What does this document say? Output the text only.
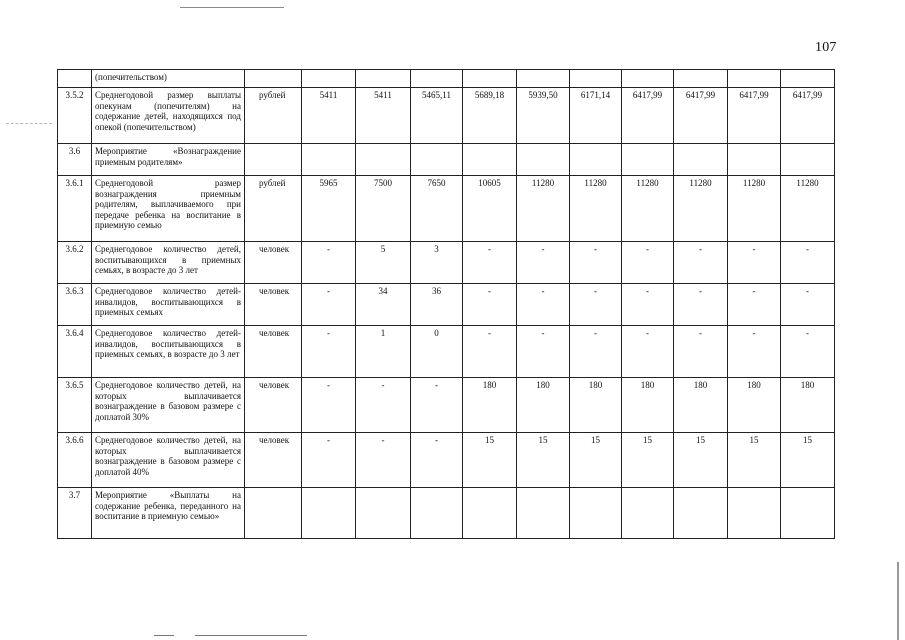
107
	(попечительством)											
3.5.2	Среднегодовой размер выплаты опекунам (попечителям) на содержание детей, находящихся под опекой (попечительством)	рублей	5411	5411	5465,11	5689,18	5939,50	6171,14	6417,99	6417,99	6417,99	6417,99
3.6	Мероприятие «Вознаграждение приемным родителям»											
3.6.1	Среднегодовой размер вознаграждения приемным родителям, выплачиваемого при передаче ребенка на воспитание в приемную семью	рублей	5965	7500	7650	10605	11280	11280	11280	11280	11280	11280
3.6.2	Среднегодовое количество детей, воспитывающихся в приемных семьях, в возрасте до 3 лет	человек	-	5	3	-	-	-	-	-	-	-
3.6.3	Среднегодовое количество детей-инвалидов, воспитывающихся в приемных семьях	человек	-	34	36	-	-	-	-	-	-	-
3.6.4	Среднегодовое количество детей-инвалидов, воспитывающихся в приемных семьях, в возрасте до 3 лет	человек	-	1	0	-	-	-	-	-	-	-
3.6.5	Среднегодовое количество детей, на которых выплачивается вознаграждение в базовом размере с доплатой 30%	человек	-	-	-	180	180	180	180	180	180	180
3.6.6	Среднегодовое количество детей, на которых выплачивается вознаграждение в базовом размере с доплатой 40%	человек	-	-	-	15	15	15	15	15	15	15
3.7	Мероприятие «Выплаты на содержание ребенка, переданного на воспитание в приемную семью»											
